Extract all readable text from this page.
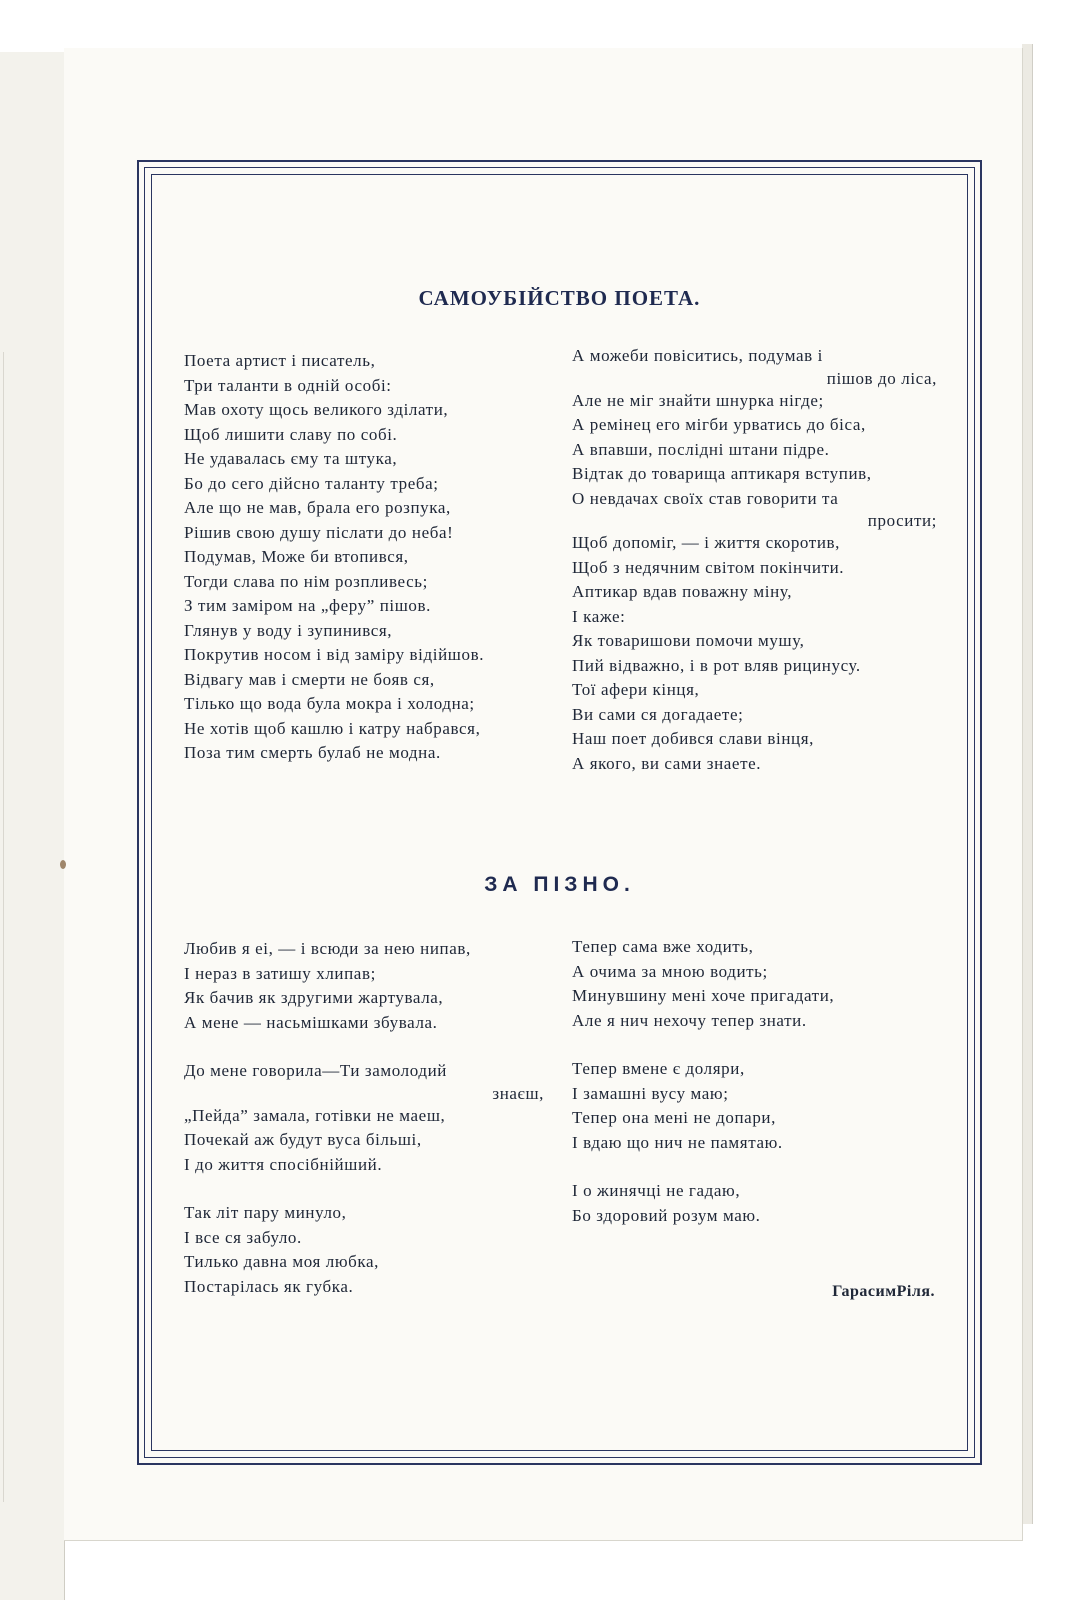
САМОУБІЙСТВО ПОЕТА.
Поета артист і писатель,
Три таланти в одній особі:
Мав охоту щось великого зділати,
Щоб лишити славу по собі.
Не удавалась єму та штука,
Бо до сего дійсно таланту треба;
Але що не мав, брала его розпука,
Рішив свою душу післати до неба!
Подумав, Може би втопився,
Тогди слава по нім розпливесь;
З тим заміром на „феру” пішов.
Глянув у воду і зупинився,
Покрутив носом і від заміру відійшов.
Відвагу мав і смерти не бояв ся,
Тілько що вода була мокра і холодна;
Не хотів щоб кашлю і катру набрався,
Поза тим смерть булаб не модна.
А можеби повіситись, подумав і
пішов до ліса,
Але не міг знайти шнурка нігде;
А ремінец его мігби урватись до біса,
А впавши, послідні штани підре.
Відтак до товарища аптикаря вступив,
О невдачах своїх став говорити та
просити;
Щоб допоміг, — і життя скоротив,
Щоб з недячним світом покінчити.
Аптикар вдав поважну міну,
І каже:
Як товаришови помочи мушу,
Пий відважно, і в рот вляв рицинусу.
Тої афери кінця,
Ви сами ся догадаете;
Наш поет добився слави вінця,
А якого, ви сами знаете.
ЗА ПІЗНО.
Любив я еі, — і всюди за нею нипав,
І нераз в затишу хлипав;
Як бачив як здругими жартувала,
А мене — насьмішками збувала.
До мене говорила—Ти замолодий
знаєш,
„Пейда” замала, готівки не маеш,
Почекай аж будут вуса більші,
І до життя спосібнійший.
Так літ пару минуло,
І все ся забуло.
Тилько давна моя любка,
Постарілась як губка.
Тепер сама вже ходить,
А очима за мною водить;
Минувшину мені хоче пригадати,
Але я нич нехочу тепер знати.
Тепер вмене є доляри,
І замашні вусу маю;
Тепер она мені не допари,
І вдаю що нич не памятаю.
І о жинячці не гадаю,
Бо здоровий розум маю.
ГарасимРіля.
